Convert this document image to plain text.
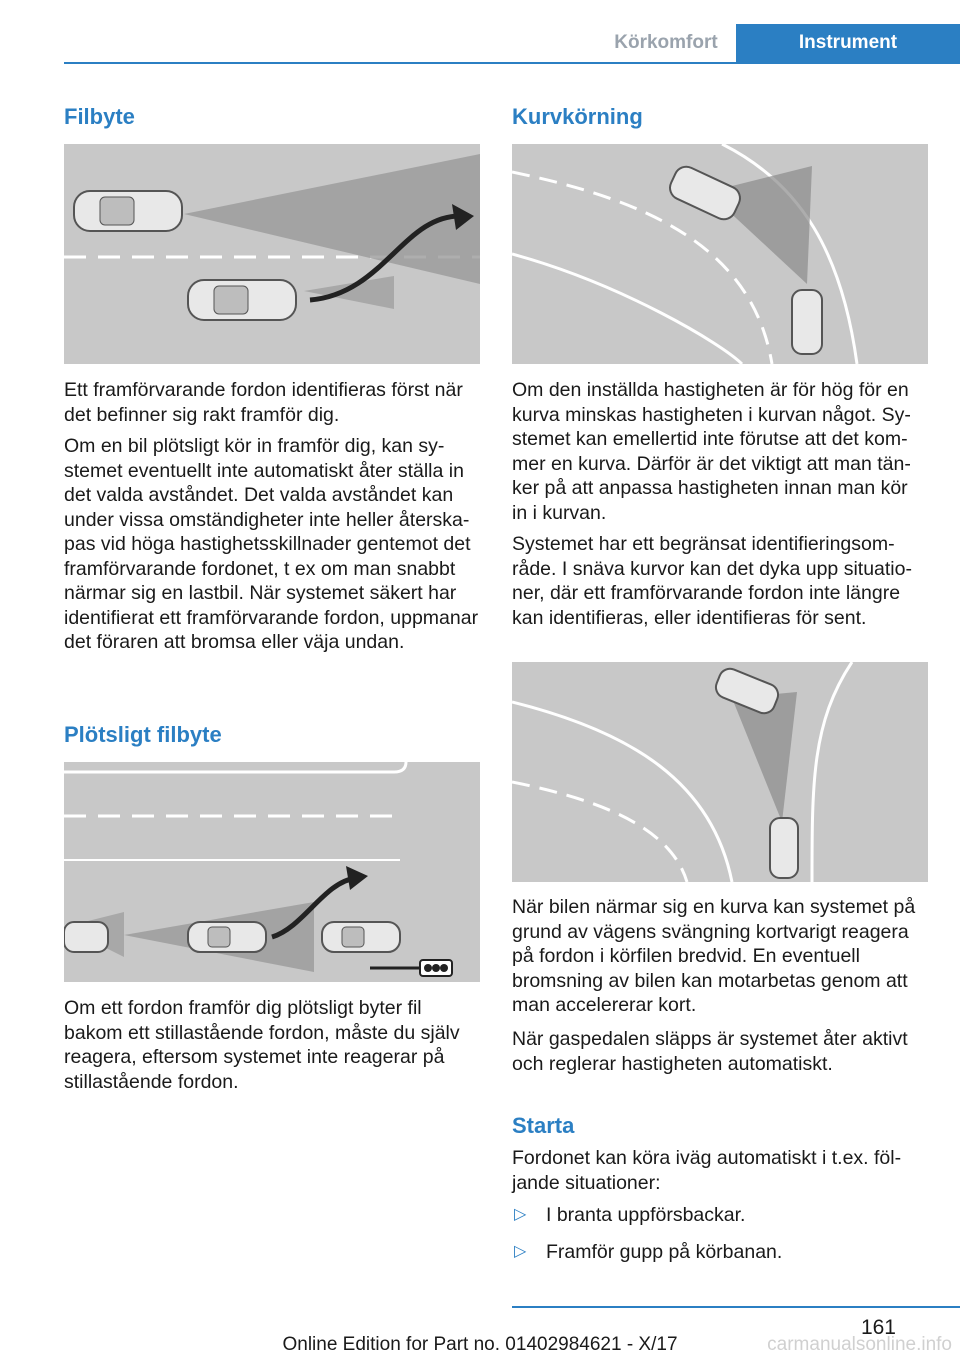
Körkomfort	Instrument
Filbyte

Ett framförvarande fordon identifieras först när det befinner sig rakt framför dig.

Om en bil plötsligt kör in framför dig, kan systemet eventuellt inte automatiskt åter ställa in det valda avståndet. Det valda avståndet kan under vissa omständigheter inte heller återskapas vid höga hastighetsskillnader gentemot det framförvarande fordonet, t ex om man snabbt närmar sig en lastbil. När systemet säkert har identifierat ett framförvarande fordon, uppmanar det föraren att bromsa eller väja undan.

Plötsligt filbyte

Om ett fordon framför dig plötsligt byter fil bakom ett stillastående fordon, måste du själv reagera, eftersom systemet inte reagerar på stillastående fordon.

Kurvkörning

Om den inställda hastigheten är för hög för en kurva minskas hastigheten i kurvan något. Systemet kan emellertid inte förutse att det kommer en kurva. Därför är det viktigt att man tänker på att anpassa hastigheten innan man kör in i kurvan.

Systemet har ett begränsat identifieringsområde. I snäva kurvor kan det dyka upp situationer, där ett framförvarande fordon inte längre kan identifieras, eller identifieras för sent.

När bilen närmar sig en kurva kan systemet på grund av vägens svängning kortvarigt reagera på fordon i körfilen bredvid. En eventuell bromsning av bilen kan motarbetas genom att man accelererar kort.

När gaspedalen släpps är systemet åter aktivt och reglerar hastigheten automatiskt.

Starta

Fordonet kan köra iväg automatiskt i t.ex. följande situationer:

▷ I branta uppförsbackar.
▷ Framför gupp på körbanan.
161
Online Edition for Part no. 01402984621 - X/17	carmanualsonline.info
